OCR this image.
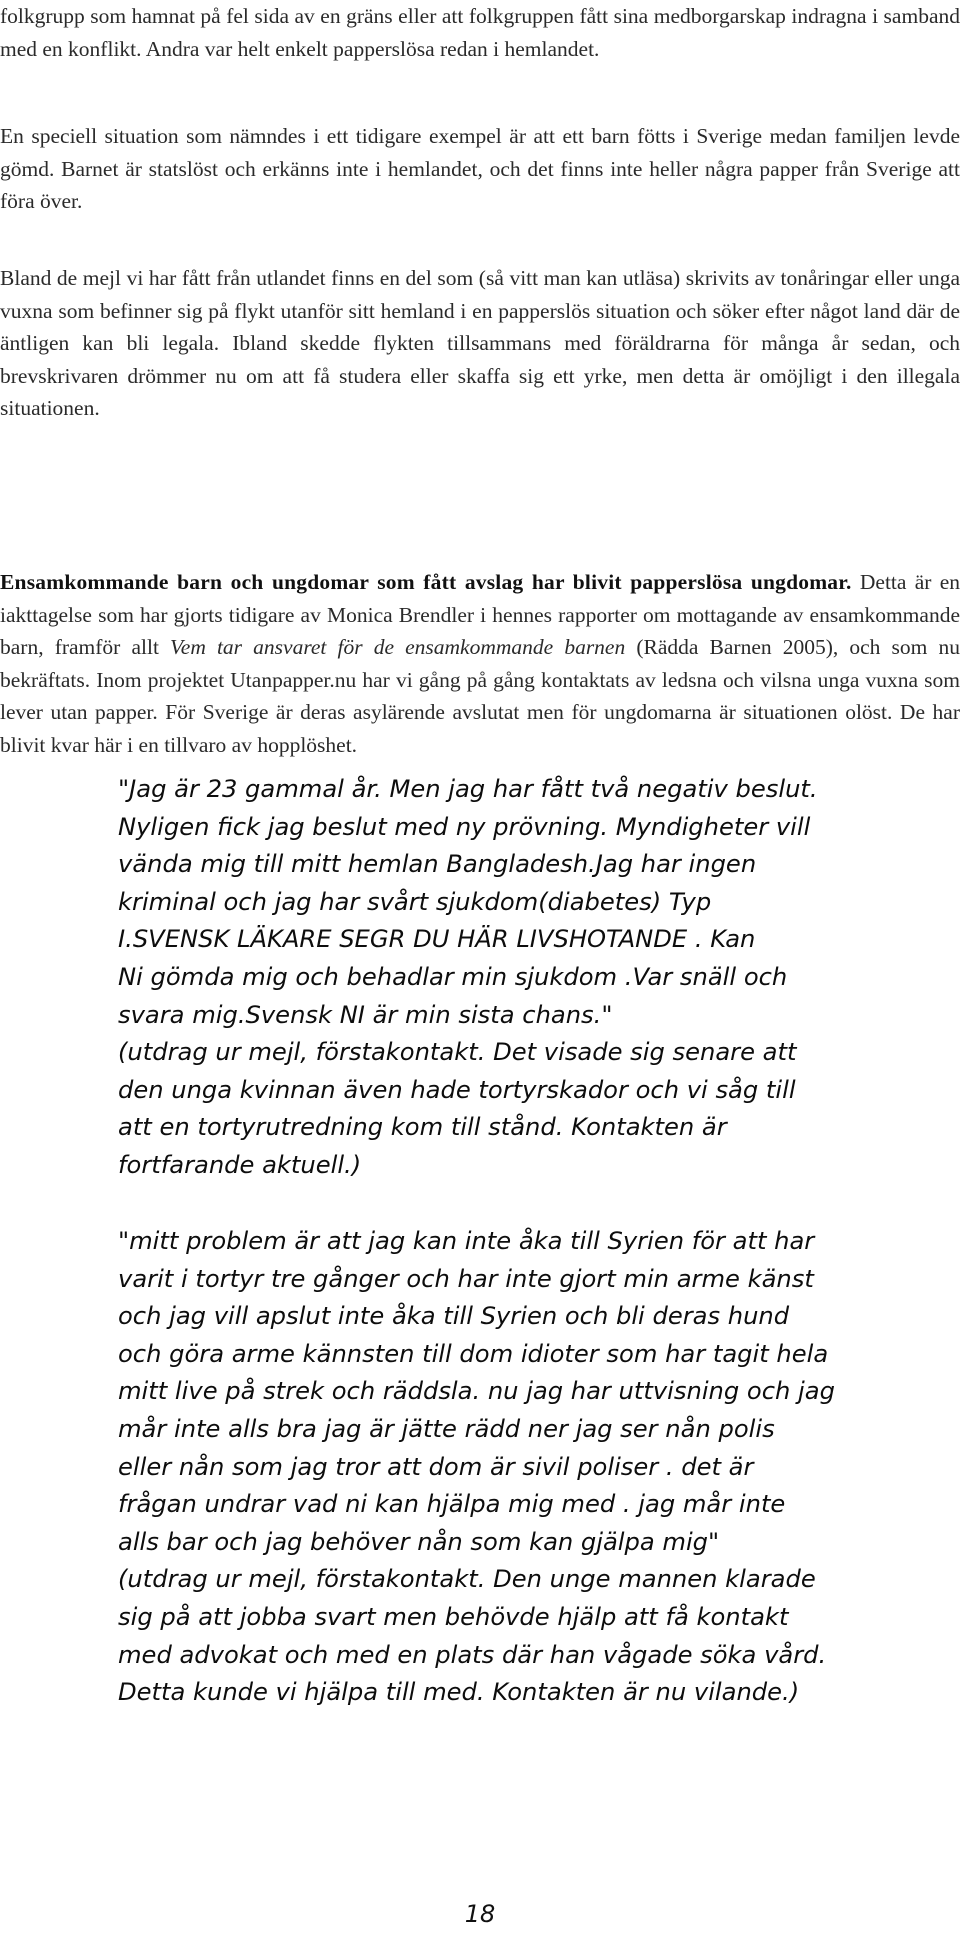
folkgrupp som hamnat på fel sida av en gräns eller att folkgruppen fått sina medborgarskap indragna i samband med en konflikt. Andra var helt enkelt papperslösa redan i hemlandet.

En speciell situation som nämndes i ett tidigare exempel är att ett barn fötts i Sverige medan familjen levde gömd. Barnet är statslöst och erkänns inte i hemlandet, och det finns inte heller några papper från Sverige att föra över.

Bland de mejl vi har fått från utlandet finns en del som (så vitt man kan utläsa) skrivits av tonåringar eller unga vuxna som befinner sig på flykt utanför sitt hemland i en papperslös situation och söker efter något land där de äntligen kan bli legala. Ibland skedde flykten tillsammans med föräldrarna för många år sedan, och brevskrivaren drömmer nu om att få studera eller skaffa sig ett yrke, men detta är omöjligt i den illegala situationen.

Ensamkommande barn och ungdomar som fått avslag har blivit papperslösa ungdomar. Detta är en iakttagelse som har gjorts tidigare av Monica Brendler i hennes rapporter om mottagande av ensamkommande barn, framför allt Vem tar ansvaret för de ensamkommande barnen (Rädda Barnen 2005), och som nu bekräftats. Inom projektet Utanpapper.nu har vi gång på gång kontaktats av ledsna och vilsna unga vuxna som lever utan papper. För Sverige är deras asylärende avslutat men för ungdomarna är situationen olöst. De har blivit kvar här i en tillvaro av hopplöshet.

"Jag är 23 gammal år. Men jag har fått två negativ beslut.
Nyligen fick jag beslut med ny prövning. Myndigheter vill
vända mig till mitt hemlan Bangladesh.Jag har ingen
kriminal och jag har svårt sjukdom(diabetes) Typ
I.SVENSK LÄKARE SEGR DU HÄR LIVSHOTANDE . Kan
Ni gömda mig och behadlar min sjukdom .Var snäll och
svara mig.Svensk NI är min sista chans."
(utdrag ur mejl, förstakontakt. Det visade sig senare att
den unga kvinnan även hade tortyrskador och vi såg till
att en tortyrutredning kom till stånd. Kontakten är
fortfarande aktuell.)
"mitt problem är att jag kan inte åka till Syrien för att har
varit i tortyr tre gånger och har inte gjort min arme känst
och jag vill apslut inte åka till Syrien och bli deras hund
och göra arme kännsten till dom idioter som har tagit hela
mitt live på strek och räddsla. nu jag har uttvisning och jag
mår inte alls bra jag är jätte rädd ner jag ser nån polis
eller nån som jag tror att dom är sivil poliser . det är
frågan undrar vad ni kan hjälpa mig med . jag mår inte
alls bar och jag behöver nån som kan gjälpa mig"
(utdrag ur mejl, förstakontakt. Den unge mannen klarade
sig på att jobba svart men behövde hjälp att få kontakt
med advokat och med en plats där han vågade söka vård.
Detta kunde vi hjälpa till med. Kontakten är nu vilande.)
18
